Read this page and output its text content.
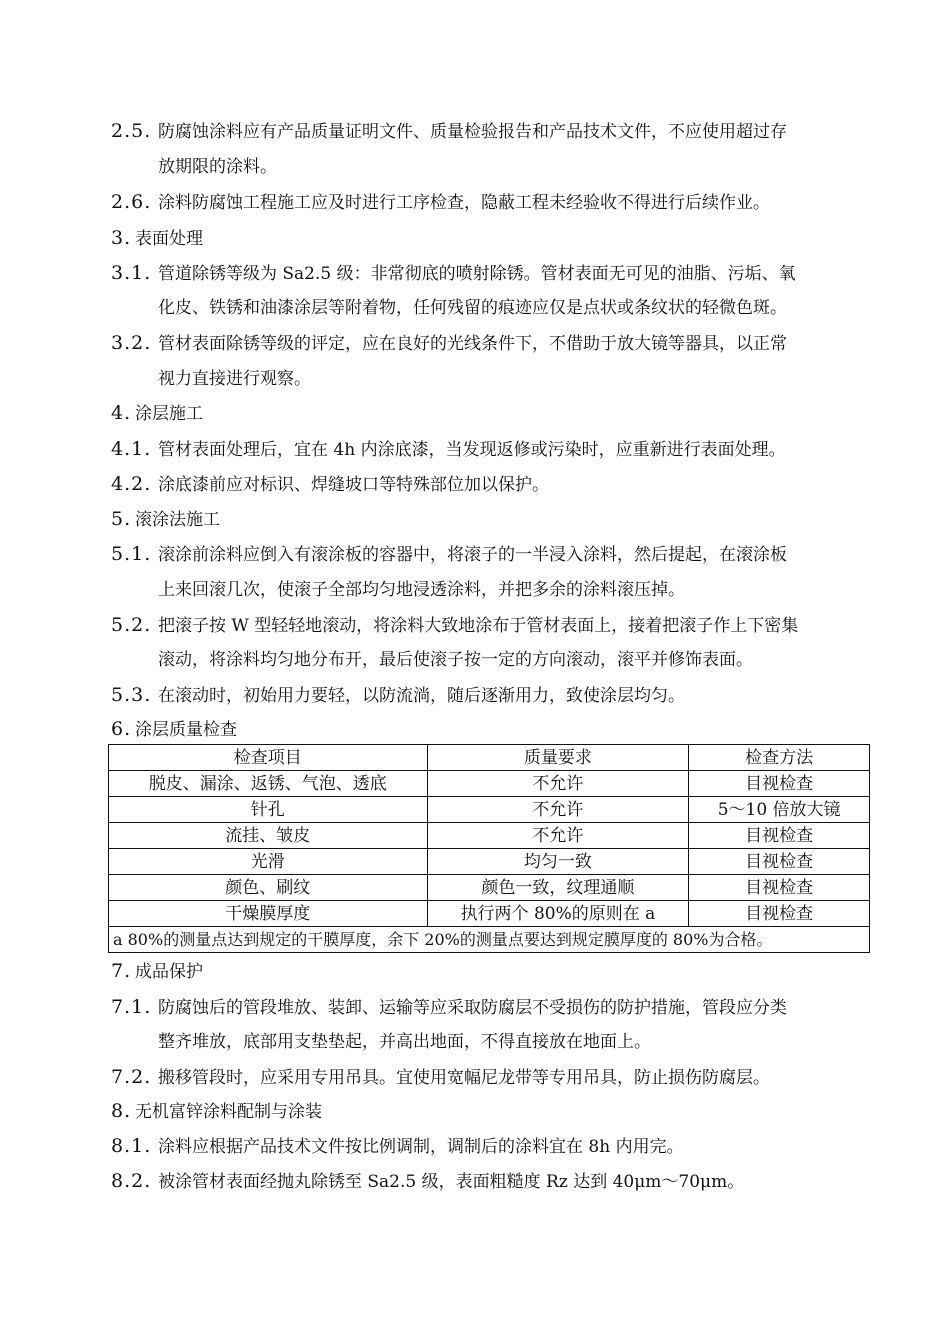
2.5. 防腐蚀涂料应有产品质量证明文件、质量检验报告和产品技术文件，不应使用超过存
放期限的涂料。
2.6. 涂料防腐蚀工程施工应及时进行工序检查，隐蔽工程未经验收不得进行后续作业。
3. 表面处理
3.1. 管道除锈等级为 Sa2.5 级：非常彻底的喷射除锈。管材表面无可见的油脂、污垢、氧
化皮、铁锈和油漆涂层等附着物，任何残留的痕迹应仅是点状或条纹状的轻微色斑。
3.2. 管材表面除锈等级的评定，应在良好的光线条件下，不借助于放大镜等器具，以正常
视力直接进行观察。
4. 涂层施工
4.1. 管材表面处理后，宜在 4h 内涂底漆，当发现返修或污染时，应重新进行表面处理。
4.2. 涂底漆前应对标识、焊缝坡口等特殊部位加以保护。
5. 滚涂法施工
5.1. 滚涂前涂料应倒入有滚涂板的容器中，将滚子的一半浸入涂料，然后提起，在滚涂板
上来回滚几次，使滚子全部均匀地浸透涂料，并把多余的涂料滚压掉。
5.2. 把滚子按 W 型轻轻地滚动，将涂料大致地涂布于管材表面上，接着把滚子作上下密集
滚动，将涂料均匀地分布开，最后使滚子按一定的方向滚动，滚平并修饰表面。
5.3. 在滚动时，初始用力要轻，以防流淌，随后逐渐用力，致使涂层均匀。
6. 涂层质量检查
检查项目	质量要求	检查方法
脱皮、漏涂、返锈、气泡、透底	不允许	目视检查
针孔	不允许	5～10 倍放大镜
流挂、皱皮	不允许	目视检查
光滑	均匀一致	目视检查
颜色、刷纹	颜色一致，纹理通顺	目视检查
干燥膜厚度	执行两个 80%的原则在 a	目视检查
a 80%的测量点达到规定的干膜厚度，余下 20%的测量点要达到规定膜厚度的 80%为合格。		
7. 成品保护
7.1. 防腐蚀后的管段堆放、装卸、运输等应采取防腐层不受损伤的防护措施，管段应分类
整齐堆放，底部用支垫垫起，并高出地面，不得直接放在地面上。
7.2. 搬移管段时，应采用专用吊具。宜使用宽幅尼龙带等专用吊具，防止损伤防腐层。
8. 无机富锌涂料配制与涂装
8.1. 涂料应根据产品技术文件按比例调制，调制后的涂料宜在 8h 内用完。
8.2. 被涂管材表面经抛丸除锈至 Sa2.5 级，表面粗糙度 Rz 达到 40μm～70μm。
